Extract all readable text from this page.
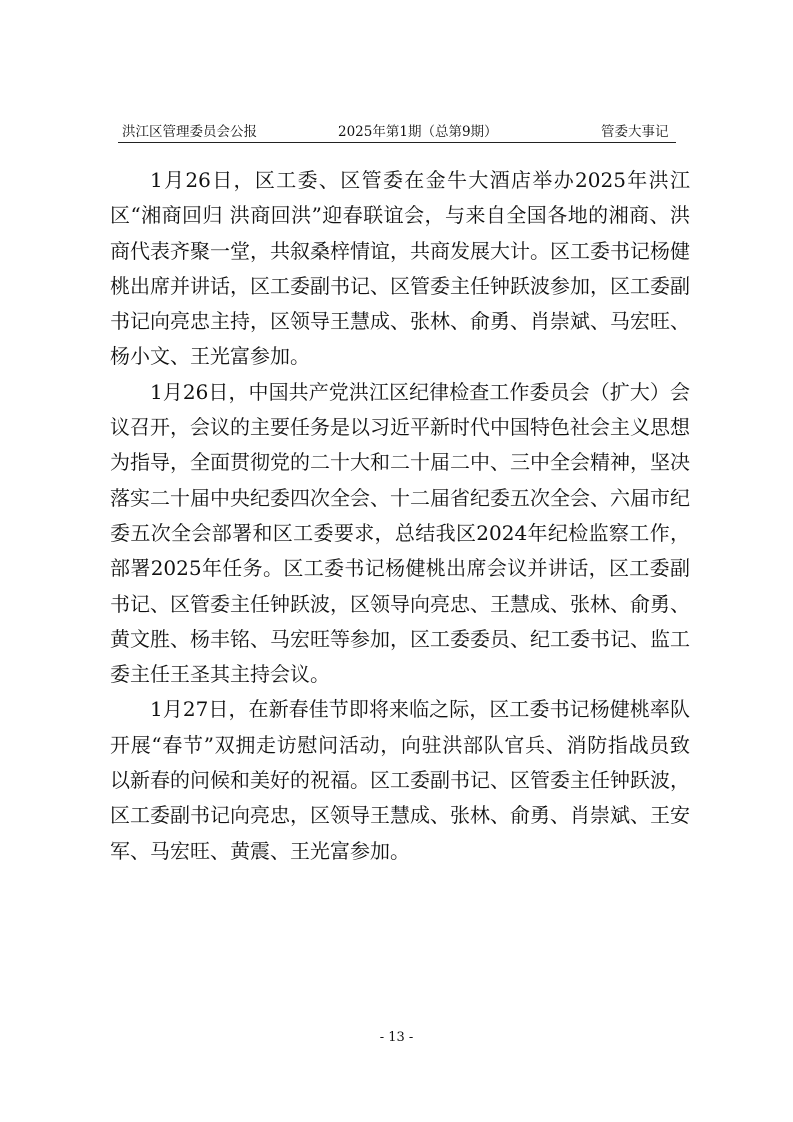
洪江区管理委员会公报	2025年第1期（总第9期）	管委大事记

1月26日，区工委、区管委在金牛大酒店举办2025年洪江区“湘商回归 洪商回洪”迎春联谊会，与来自全国各地的湘商、洪商代表齐聚一堂，共叙桑梓情谊，共商发展大计。区工委书记杨健桃出席并讲话，区工委副书记、区管委主任钟跃波参加，区工委副书记向亮忠主持，区领导王慧成、张林、俞勇、肖崇斌、马宏旺、杨小文、王光富参加。

1月26日，中国共产党洪江区纪律检查工作委员会（扩大）会议召开，会议的主要任务是以习近平新时代中国特色社会主义思想为指导，全面贯彻党的二十大和二十届二中、三中全会精神，坚决落实二十届中央纪委四次全会、十二届省纪委五次全会、六届市纪委五次全会部署和区工委要求，总结我区2024年纪检监察工作，部署2025年任务。区工委书记杨健桃出席会议并讲话，区工委副书记、区管委主任钟跃波，区领导向亮忠、王慧成、张林、俞勇、黄文胜、杨丰铭、马宏旺等参加，区工委委员、纪工委书记、监工委主任王圣其主持会议。

1月27日，在新春佳节即将来临之际，区工委书记杨健桃率队开展“春节”双拥走访慰问活动，向驻洪部队官兵、消防指战员致以新春的问候和美好的祝福。区工委副书记、区管委主任钟跃波，区工委副书记向亮忠，区领导王慧成、张林、俞勇、肖崇斌、王安军、马宏旺、黄震、王光富参加。

- 13 -
